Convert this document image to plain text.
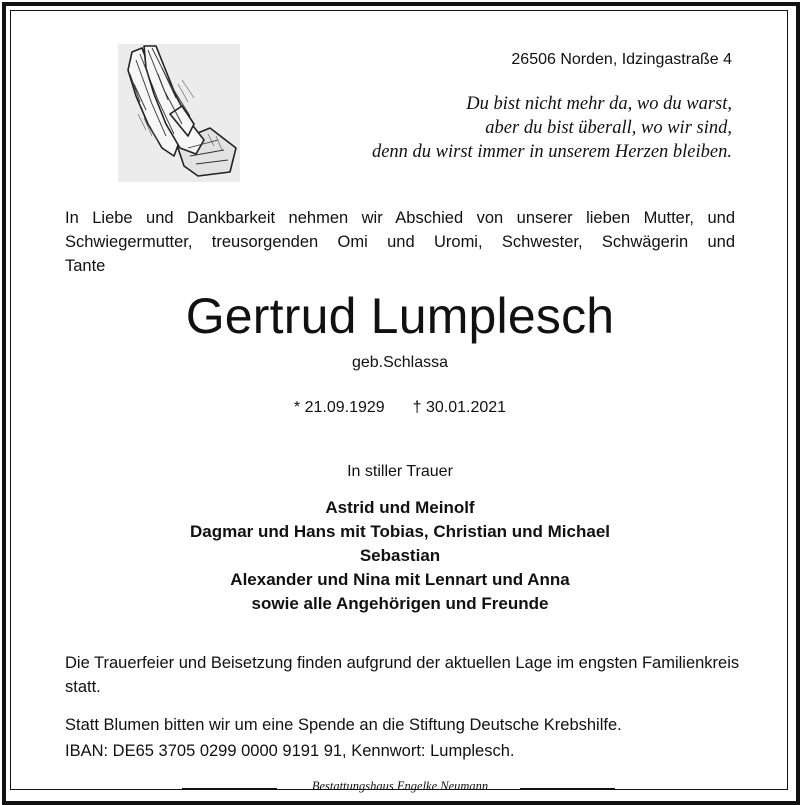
26506 Norden, Idzingastraße 4
Du bist nicht mehr da, wo du warst,
aber du bist überall, wo wir sind,
denn du wirst immer in unserem Herzen bleiben.
In Liebe und Dankbarkeit nehmen wir Abschied von unserer lieben Mutter, und
Schwiegermutter, treusorgenden Omi und Uromi, Schwester, Schwägerin und
Tante
Gertrud Lumplesch
geb.Schlassa
* 21.09.1929 † 30.01.2021
In stiller Trauer
Astrid und Meinolf
Dagmar und Hans mit Tobias, Christian und Michael
Sebastian
Alexander und Nina mit Lennart und Anna
sowie alle Angehörigen und Freunde
Die Trauerfeier und Beisetzung finden aufgrund der aktuellen Lage im engsten Familienkreis statt.
Statt Blumen bitten wir um eine Spende an die Stiftung Deutsche Krebshilfe.
IBAN: DE65 3705 0299 0000 9191 91, Kennwort: Lumplesch.
Bestattungshaus Engelke Neumann
